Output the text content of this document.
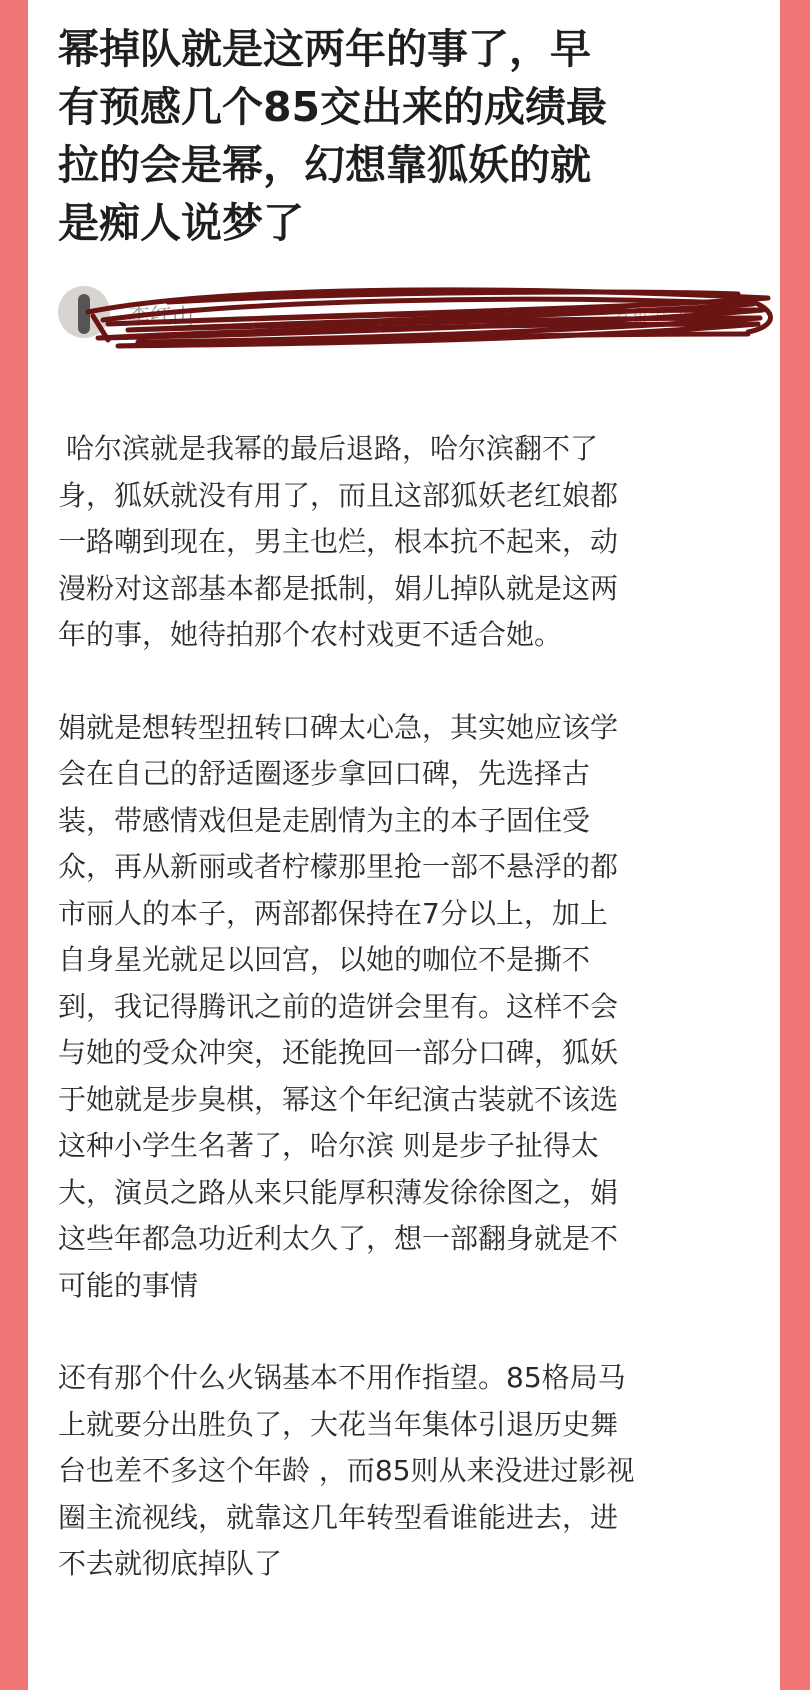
幂掉队就是这两年的事了，早
有预感几个85交出来的成绩最
拉的会是幂，幻想靠狐妖的就
是痴人说梦了
李红山	发布于 2023

哈尔滨就是我幂的最后退路，哈尔滨翻不了
身，狐妖就没有用了，而且这部狐妖老红娘都
一路嘲到现在，男主也烂，根本抗不起来，动
漫粉对这部基本都是抵制，娟儿掉队就是这两
年的事，她待拍那个农村戏更不适合她。

娟就是想转型扭转口碑太心急，其实她应该学
会在自己的舒适圈逐步拿回口碑，先选择古
装，带感情戏但是走剧情为主的本子固住受
众，再从新丽或者柠檬那里抢一部不悬浮的都
市丽人的本子，两部都保持在7分以上，加上
自身星光就足以回宫，以她的咖位不是撕不
到，我记得腾讯之前的造饼会里有。这样不会
与她的受众冲突，还能挽回一部分口碑，狐妖
于她就是步臭棋，幂这个年纪演古装就不该选
这种小学生名著了，哈尔滨 则是步子扯得太
大，演员之路从来只能厚积薄发徐徐图之，娟
这些年都急功近利太久了，想一部翻身就是不
可能的事情

还有那个什么火锅基本不用作指望。85格局马
上就要分出胜负了，大花当年集体引退历史舞
台也差不多这个年龄 ，而85则从来没进过影视
圈主流视线，就靠这几年转型看谁能进去，进
不去就彻底掉队了
